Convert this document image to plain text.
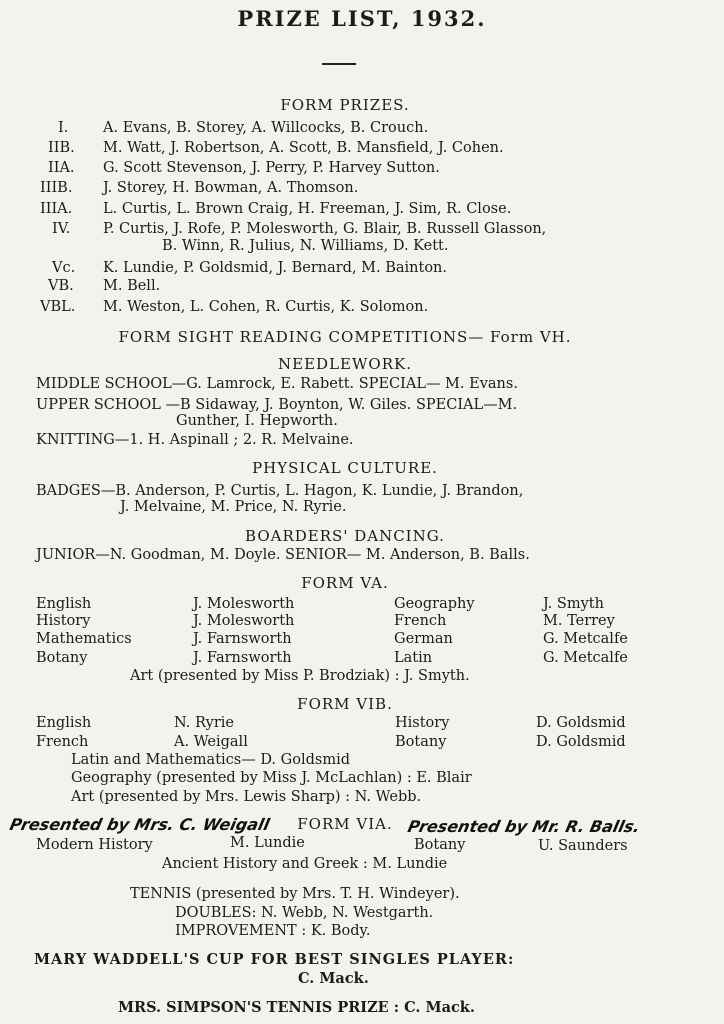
PRIZE LIST, 1932.
FORM PRIZES.
I. A. Evans, B. Storey, A. Willcocks, B. Crouch.
IIB. M. Watt, J. Robertson, A. Scott, B. Mansfield, J. Cohen.
IIA. G. Scott Stevenson, J. Perry, P. Harvey Sutton.
IIIB. J. Storey, H. Bowman, A. Thomson.
IIIA. L. Curtis, L. Brown Craig, H. Freeman, J. Sim, R. Close.
IV. P. Curtis, J. Rofe, P. Molesworth, G. Blair, B. Russell Glasson,
B. Winn, R. Julius, N. Williams, D. Kett.
Vc. K. Lundie, P. Goldsmid, J. Bernard, M. Bainton.
VB. M. Bell.
VBL. M. Weston, L. Cohen, R. Curtis, K. Solomon.
FORM SIGHT READING COMPETITIONS— Form VH.
NEEDLEWORK.
MIDDLE SCHOOL—G. Lamrock, E. Rabett. SPECIAL— M. Evans.
UPPER SCHOOL —B Sidaway, J. Boynton, W. Giles. SPECIAL—M.
Gunther, I. Hepworth.
KNITTING—1. H. Aspinall ; 2. R. Melvaine.
PHYSICAL CULTURE.
BADGES—B. Anderson, P. Curtis, L. Hagon, K. Lundie, J. Brandon,
J. Melvaine, M. Price, N. Ryrie.
BOARDERS' DANCING.
JUNIOR—N. Goodman, M. Doyle. SENIOR— M. Anderson, B. Balls.
FORM VA.
English	J. Molesworth	Geography	J. Smyth
History	J. Molesworth	French	M. Terrey
Mathematics	J. Farnsworth	German	G. Metcalfe
Botany	J. Farnsworth	Latin	G. Metcalfe
Art (presented by Miss P. Brodziak) : J. Smyth.
FORM VIB.
English	N. Ryrie	History	D. Goldsmid
French	A. Weigall	Botany	D. Goldsmid
Latin and Mathematics— D. Goldsmid
Geography (presented by Miss J. McLachlan) : E. Blair
Art (presented by Mrs. Lewis Sharp) : N. Webb.
Presented by Mrs. C. Weigall	Presented by Mr. R. Balls.
FORM VIA.
Modern History	M. Lundie	Botany	U. Saunders
Ancient History and Greek : M. Lundie
TENNIS (presented by Mrs. T. H. Windeyer).
DOUBLES: N. Webb, N. Westgarth.
IMPROVEMENT : K. Body.
MARY WADDELL'S CUP FOR BEST SINGLES PLAYER:
C. Mack.
MRS. SIMPSON'S TENNIS PRIZE : C. Mack.
